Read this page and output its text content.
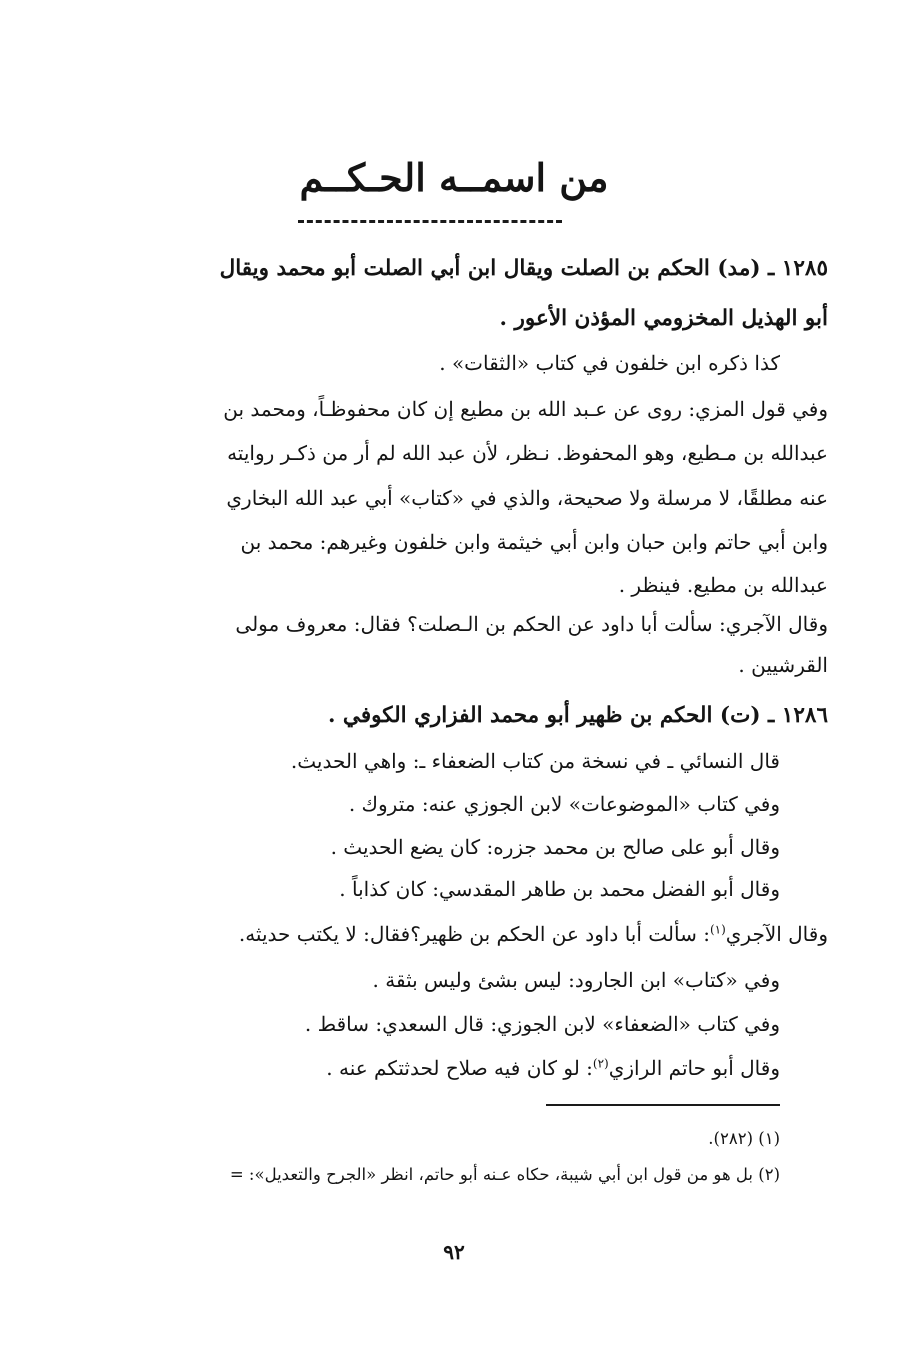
من اسمــه الحـكــم
١٢٨٥ ـ (مد) الحكم بن الصلت ويقال ابن أبي الصلت أبو محمد ويقال
أبو الهذيل المخزومي المؤذن الأعور .
كذا ذكره ابن خلفون في كتاب «الثقات» .
وفي قول المزي: روى عن عـبد الله بن مطيع إن كان محفوظـاً، ومحمد بن
عبدالله بن مـطيع، وهو المحفوظ. نـظر، لأن عبد الله لم أر من ذكـر روايته
عنه مطلقًا، لا مرسلة ولا صحيحة، والذي في «كتاب» أبي عبد الله البخاري
وابن أبي حاتم وابن حبان وابن أبي خيثمة وابن خلفون وغيرهم: محمد بن
عبدالله بن مطيع. فينظر .
وقال الآجري: سألت أبا داود عن الحكم بن الـصلت؟ فقال: معروف مولى
القرشيين .
١٢٨٦ ـ (ت) الحكم بن ظهير أبو محمد الفزاري الكوفي .
قال النسائي ـ في نسخة من كتاب الضعفاء ـ: واهي الحديث.
وفي كتاب «الموضوعات» لابن الجوزي عنه: متروك .
وقال أبو على صالح بن محمد جزره: كان يضع الحديث .
وقال أبو الفضل محمد بن طاهر المقدسي: كان كذاباً .
وقال الآجري$^{(١)}$: سألت أبا داود عن الحكم بن ظهير؟فقال: لا يكتب حديثه.
وفي «كتاب» ابن الجارود: ليس بشئ وليس بثقة .
وفي كتاب «الضعفاء» لابن الجوزي: قال السعدي: ساقط .
وقال أبو حاتم الرازي$^{(٢)}$: لو كان فيه صلاح لحدثتكم عنه .
(١) (٢٨٢).
(٢) بل هو من قول ابن أبي شيبة، حكاه عـنه أبو حاتم، انظر «الجرح والتعديل»: =
٩٢
